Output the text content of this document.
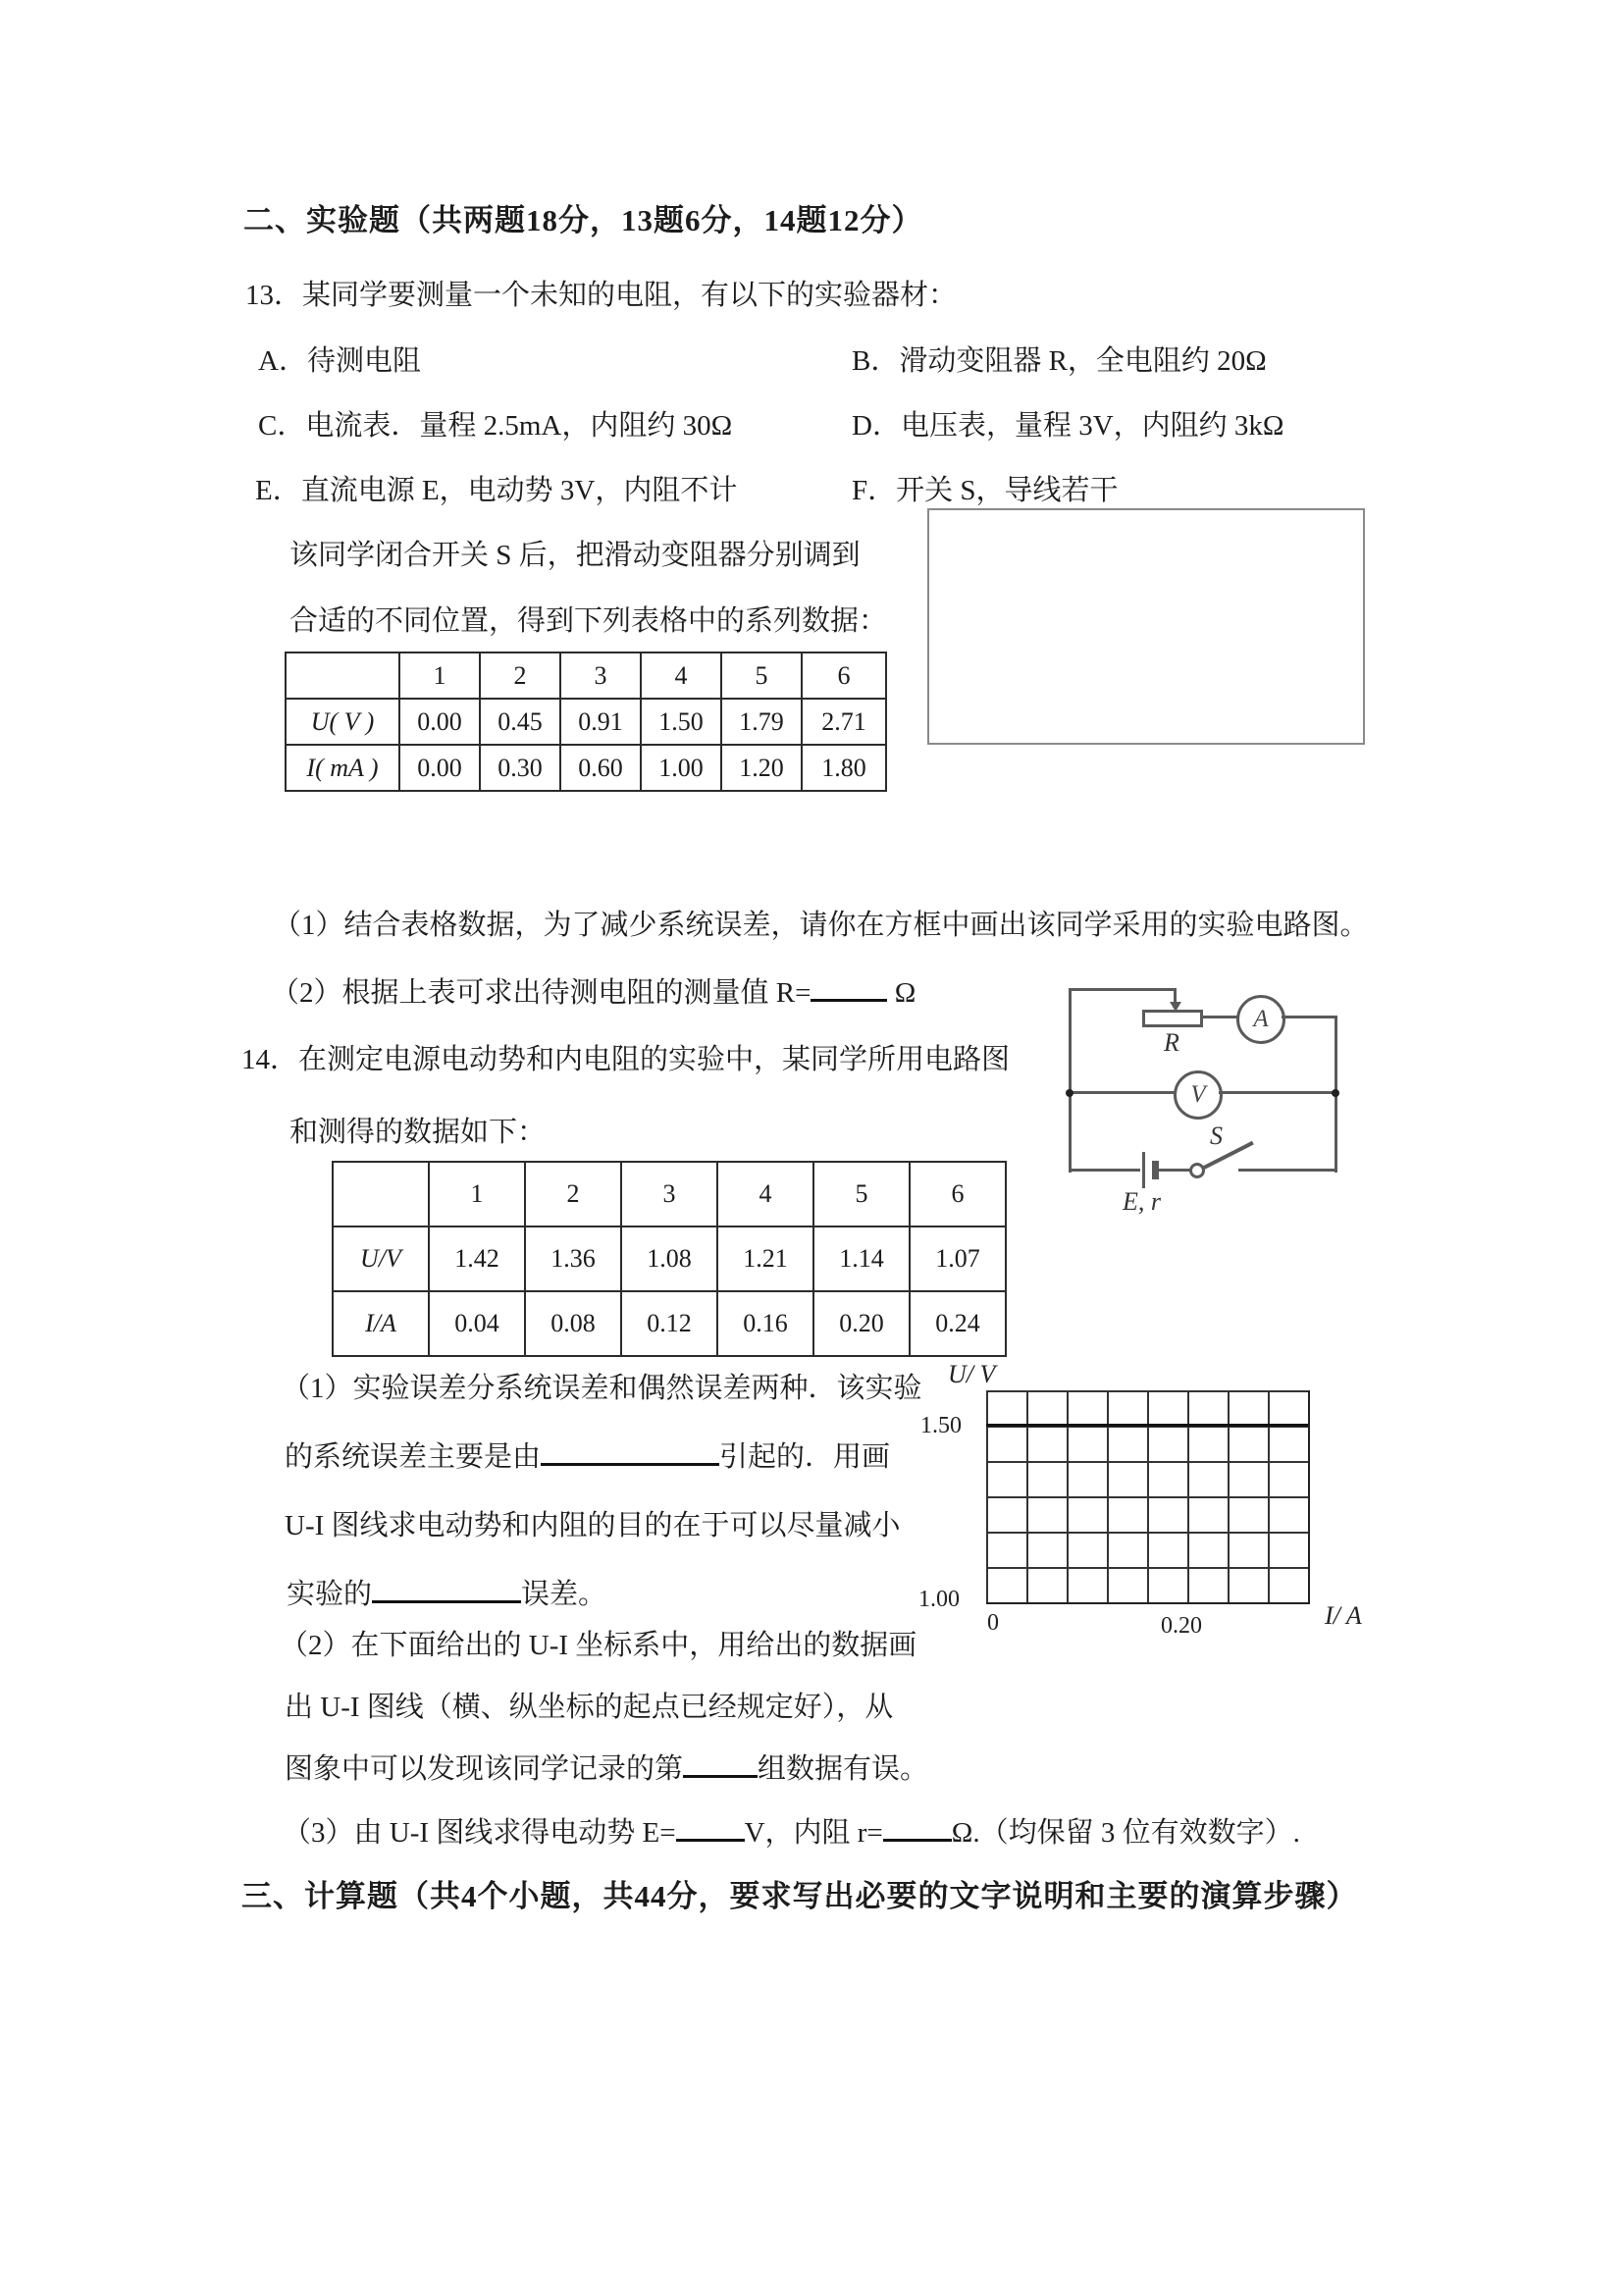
二、实验题（共两题18分，13题6分，14题12分）
13．某同学要测量一个未知的电阻，有以下的实验器材：
A．待测电阻	B．滑动变阻器 R，全电阻约 20Ω
C．电流表．量程 2.5mA，内阻约 30Ω	D．电压表，量程 3V，内阻约 3kΩ
E．直流电源 E，电动势 3V，内阻不计	F．开关 S，导线若干
该同学闭合开关 S 后，把滑动变阻器分别调到
合适的不同位置，得到下列表格中的系列数据：
	1	2	3	4	5	6
U( V )	0.00	0.45	0.91	1.50	1.79	2.71
I( mA )	0.00	0.30	0.60	1.00	1.20	1.80
（1）结合表格数据，为了减少系统误差，请你在方框中画出该同学采用的实验电路图。
（2）根据上表可求出待测电阻的测量值 R=	Ω
R
A
V
S
E, r
14．在测定电源电动势和内电阻的实验中，某同学所用电路图
和测得的数据如下：
	1	2	3	4	5	6
U/V	1.42	1.36	1.08	1.21	1.14	1.07
I/A	0.04	0.08	0.12	0.16	0.20	0.24
（1）实验误差分系统误差和偶然误差两种．该实验
的系统误差主要是由	引起的．用画
U-I 图线求电动势和内阻的目的在于可以尽量减小
实验的	误差。
U/ V
1.50
1.00
0	0.20	I/ A
（2）在下面给出的 U-I 坐标系中，用给出的数据画
出 U-I 图线（横、纵坐标的起点已经规定好），从
图象中可以发现该同学记录的第	组数据有误。
（3）由 U-I 图线求得电动势 E= V，内阻 r= Ω.（均保留 3 位有效数字）.
三、计算题（共4个小题，共44分，要求写出必要的文字说明和主要的演算步骤）
